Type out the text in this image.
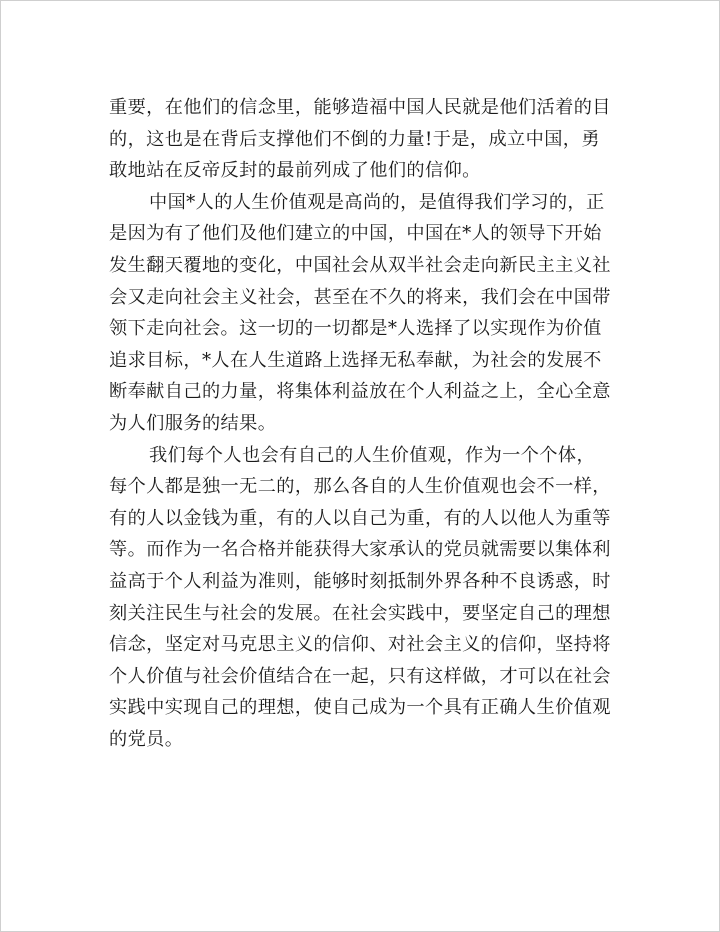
重要，在他们的信念里，能够造福中国人民就是他们活着的目
的，这也是在背后支撑他们不倒的力量!于是，成立中国，勇
敢地站在反帝反封的最前列成了他们的信仰。
中国*人的人生价值观是高尚的，是值得我们学习的，正
是因为有了他们及他们建立的中国，中国在*人的领导下开始
发生翻天覆地的变化，中国社会从双半社会走向新民主主义社
会又走向社会主义社会，甚至在不久的将来，我们会在中国带
领下走向社会。这一切的一切都是*人选择了以实现作为价值
追求目标，*人在人生道路上选择无私奉献，为社会的发展不
断奉献自己的力量，将集体利益放在个人利益之上，全心全意
为人们服务的结果。
我们每个人也会有自己的人生价值观，作为一个个体，
每个人都是独一无二的，那么各自的人生价值观也会不一样，
有的人以金钱为重，有的人以自己为重，有的人以他人为重等
等。而作为一名合格并能获得大家承认的党员就需要以集体利
益高于个人利益为准则，能够时刻抵制外界各种不良诱惑，时
刻关注民生与社会的发展。在社会实践中，要坚定自己的理想
信念，坚定对马克思主义的信仰、对社会主义的信仰，坚持将
个人价值与社会价值结合在一起，只有这样做，才可以在社会
实践中实现自己的理想，使自己成为一个具有正确人生价值观
的党员。
